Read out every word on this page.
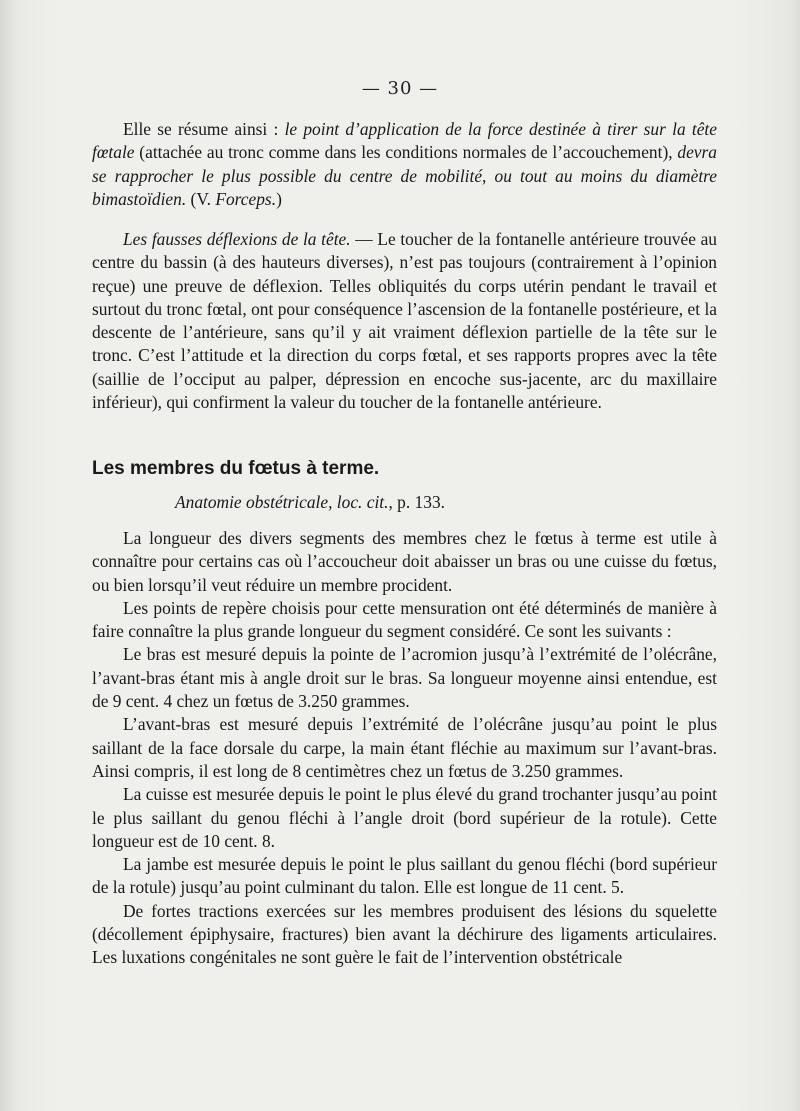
— 30 —

Elle se résume ainsi : le point d’application de la force destinée à tirer sur la tête fœtale (attachée au tronc comme dans les conditions normales de l’accouchement), devra se rapprocher le plus possible du centre de mobilité, ou tout au moins du diamètre bimastoïdien. (V. Forceps.)

Les fausses déflexions de la tête. — Le toucher de la fontanelle antérieure trouvée au centre du bassin (à des hauteurs diverses), n’est pas toujours (contrairement à l’opinion reçue) une preuve de déflexion. Telles obliquités du corps utérin pendant le travail et surtout du tronc fœtal, ont pour conséquence l’ascension de la fontanelle postérieure, et la descente de l’antérieure, sans qu’il y ait vraiment déflexion partielle de la tête sur le tronc. C’est l’attitude et la direction du corps fœtal, et ses rapports propres avec la tête (saillie de l’occiput au palper, dépression en encoche sus-jacente, arc du maxillaire inférieur), qui confirment la valeur du toucher de la fontanelle antérieure.

Les membres du fœtus à terme.
Anatomie obstétricale, loc. cit., p. 133.

La longueur des divers segments des membres chez le fœtus à terme est utile à connaître pour certains cas où l’accoucheur doit abaisser un bras ou une cuisse du fœtus, ou bien lorsqu’il veut réduire un membre procident.

Les points de repère choisis pour cette mensuration ont été déterminés de manière à faire connaître la plus grande longueur du segment considéré. Ce sont les suivants :

Le bras est mesuré depuis la pointe de l’acromion jusqu’à l’extrémité de l’olécrâne, l’avant-bras étant mis à angle droit sur le bras. Sa longueur moyenne ainsi entendue, est de 9 cent. 4 chez un fœtus de 3.250 grammes.

L’avant-bras est mesuré depuis l’extrémité de l’olécrâne jusqu’au point le plus saillant de la face dorsale du carpe, la main étant fléchie au maximum sur l’avant-bras. Ainsi compris, il est long de 8 centimètres chez un fœtus de 3.250 grammes.

La cuisse est mesurée depuis le point le plus élevé du grand trochanter jusqu’au point le plus saillant du genou fléchi à l’angle droit (bord supérieur de la rotule). Cette longueur est de 10 cent. 8.

La jambe est mesurée depuis le point le plus saillant du genou fléchi (bord supérieur de la rotule) jusqu’au point culminant du talon. Elle est longue de 11 cent. 5.

De fortes tractions exercées sur les membres produisent des lésions du squelette (décollement épiphysaire, fractures) bien avant la déchirure des ligaments articulaires. Les luxations congénitales ne sont guère le fait de l’intervention obstétricale
